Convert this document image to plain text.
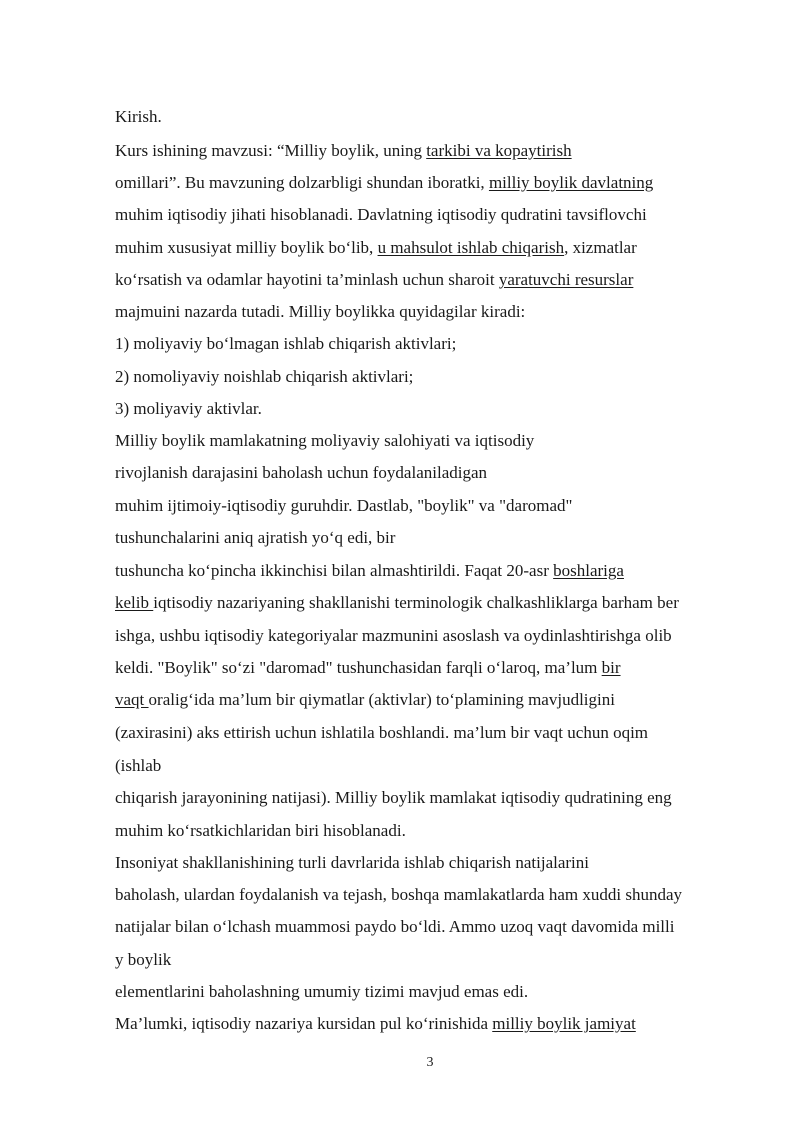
Kirish.
Kurs ishining mavzusi: “Milliy boylik, uning tarkibi va kopaytirish
omillari”. Bu mavzuning dolzarbligi shundan iboratki, milliy boylik davlatning
muhim iqtisodiy jihati hisoblanadi. Davlatning iqtisodiy qudratini tavsiflovchi
muhim xususiyat milliy boylik bo‘lib, u mahsulot ishlab chiqarish, xizmatlar
ko‘rsatish va odamlar hayotini ta’minlash uchun sharoit yaratuvchi resurslar
majmuini nazarda tutadi. Milliy boylikka quyidagilar kiradi:
1) moliyaviy bo‘lmagan ishlab chiqarish aktivlari;
2) nomoliyaviy noishlab chiqarish aktivlari;
3) moliyaviy aktivlar.
Milliy boylik mamlakatning moliyaviy salohiyati va iqtisodiy
rivojlanish darajasini baholash uchun foydalaniladigan
muhim ijtimoiy-iqtisodiy guruhdir. Dastlab, "boylik" va "daromad"
tushunchalarini aniq ajratish yo‘q edi, bir
tushuncha ko‘pincha ikkinchisi bilan almashtirildi. Faqat 20-asr boshlariga
kelib iqtisodiy nazariyaning shakllanishi terminologik chalkashliklarga barham ber
ishga, ushbu iqtisodiy kategoriyalar mazmunini asoslash va oydinlashtirishga olib
keldi. "Boylik" so‘zi "daromad" tushunchasidan farqli o‘laroq, ma’lum bir
vaqt oralig‘ida ma’lum bir qiymatlar (aktivlar) to‘plamining mavjudligini
(zaxirasini) aks ettirish uchun ishlatila boshlandi. ma’lum bir vaqt uchun oqim
(ishlab
chiqarish jarayonining natijasi). Milliy boylik mamlakat iqtisodiy qudratining eng
muhim ko‘rsatkichlaridan biri hisoblanadi.
Insoniyat shakllanishining turli davrlarida ishlab chiqarish natijalarini
baholash, ulardan foydalanish va tejash, boshqa mamlakatlarda ham xuddi shunday
natijalar bilan o‘lchash muammosi paydo bo‘ldi. Ammo uzoq vaqt davomida milli
y boylik
elementlarini baholashning umumiy tizimi mavjud emas edi.
Ma’lumki, iqtisodiy nazariya kursidan pul ko‘rinishida milliy boylik jamiyat
3
